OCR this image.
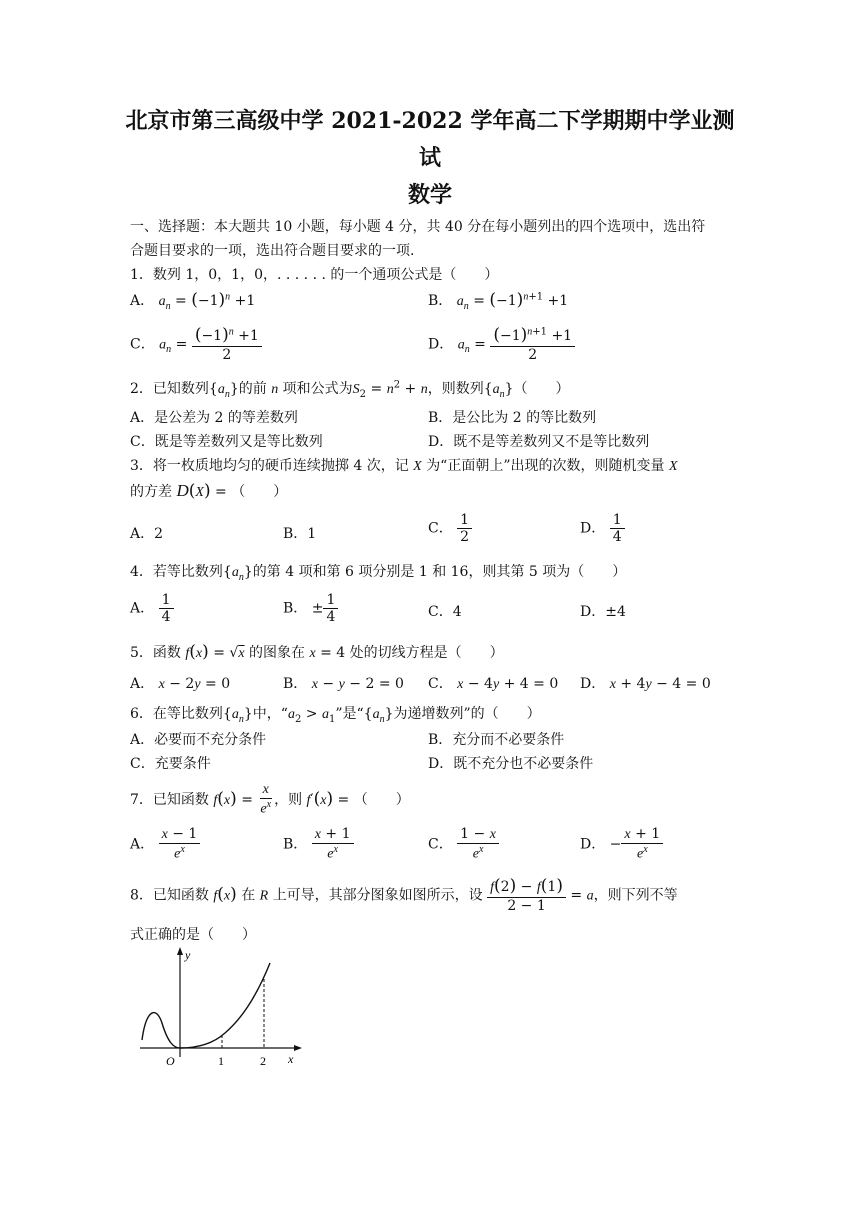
北京市第三高级中学 2021-2022 学年高二下学期期中学业测
试
数学
一、选择题：本大题共 10 小题，每小题 4 分，共 40 分在每小题列出的四个选项中，选出符
合题目要求的一项，选出符合题目要求的一项.
1．数列 1，0，1，0，. . . . . . 的一个通项公式是（　　）
A． $a_n = (-1)^n +1$	B． $a_n = (-1)^{n+1} +1$
C． $a_n = \frac{(-1)^n +1}{2}$	D． $a_n = \frac{(-1)^{n+1} +1}{2}$
2．已知数列$\{a_n\}$的前 n 项和公式为$S_2 = n^2 + n$，则数列$\{a_n\}$（　　）
A．是公差为 2 的等差数列	B．是公比为 2 的等比数列
C．既是等差数列又是等比数列	D．既不是等差数列又不是等比数列
3．将一枚质地均匀的硬币连续抛掷 4 次，记 X 为“正面朝上”出现的次数，则随机变量 X
的方差 D(X) = （　　）
A．2	B．1	C． $\frac{1}{2}$	D． $\frac{1}{4}$
4．若等比数列$\{a_n\}$的第 4 项和第 6 项分别是 1 和 16，则其第 5 项为（　　）
A． $\frac{1}{4}$	B． ± $\frac{1}{4}$	C．4	D．±4
5．函数 f(x) = √x 的图象在 x = 4 处的切线方程是（　　）
A． x − 2y = 0	B． x − y − 2 = 0 C． x − 4y + 4 = 0 D． x + 4y − 4 = 0
6．在等比数列$\{a_n\}$中，“$a_2 > a_1$”是“$\{a_n\}$为递增数列”的（　　）
A．必要而不充分条件	B．充分而不必要条件
C．充要条件	D．既不充分也不必要条件
7．已知函数 $f(x) = \frac{x}{e^x}$ ，则 f′(x) = （　　）
A． $\frac{x - 1}{e^x}$	B． $\frac{x + 1}{e^x}$	C． $\frac{1 - x}{e^x}$	D． − $\frac{x + 1}{e^x}$
8．已知函数 f(x) 在 R 上可导，其部分图象如图所示，设 $\frac{f(2) - f(1)}{2 - 1} = a$，则下列不等
式正确的是（　　）
y
x
O	1	2
